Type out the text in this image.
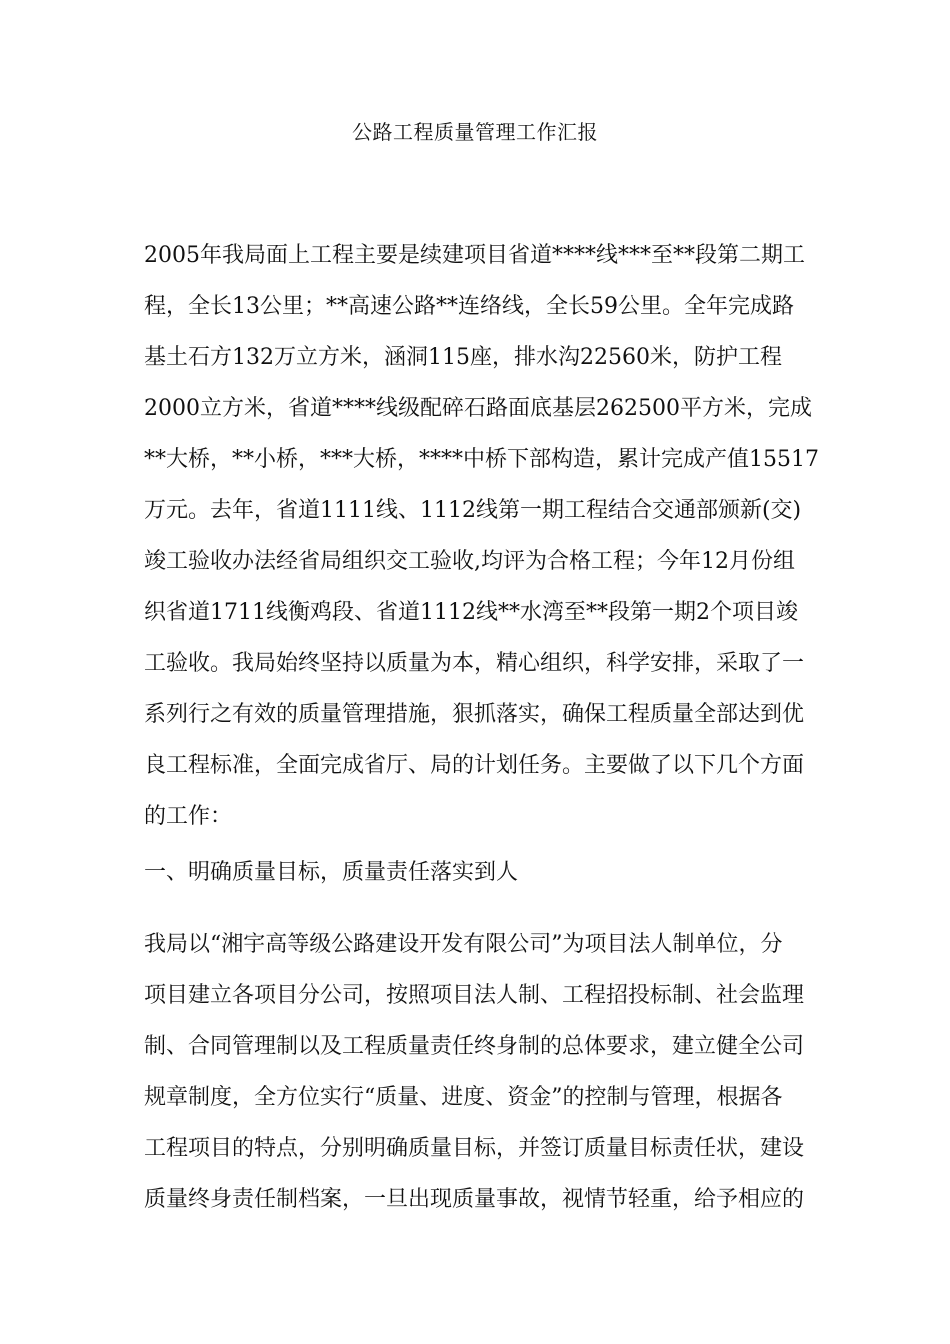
公路工程质量管理工作汇报
2005年我局面上工程主要是续建项目省道****线***至**段第二期工
程，全长13公里；**高速公路**连络线，全长59公里。全年完成路
基土石方132万立方米，涵洞115座，排水沟22560米，防护工程
2000立方米，省道****线级配碎石路面底基层262500平方米，完成
**大桥，**小桥，***大桥，****中桥下部构造，累计完成产值15517
万元。去年，省道1111线、1112线第一期工程结合交通部颁新(交)
竣工验收办法经省局组织交工验收,均评为合格工程；今年12月份组
织省道1711线衡鸡段、省道1112线**水湾至**段第一期2个项目竣
工验收。我局始终坚持以质量为本，精心组织，科学安排，采取了一
系列行之有效的质量管理措施，狠抓落实，确保工程质量全部达到优
良工程标准，全面完成省厅、局的计划任务。主要做了以下几个方面
的工作：
一、明确质量目标，质量责任落实到人
我局以“湘宇高等级公路建设开发有限公司”为项目法人制单位，分
项目建立各项目分公司，按照项目法人制、工程招投标制、社会监理
制、合同管理制以及工程质量责任终身制的总体要求，建立健全公司
规章制度，全方位实行“质量、进度、资金”的控制与管理，根据各
工程项目的特点，分别明确质量目标，并签订质量目标责任状，建设
质量终身责任制档案，一旦出现质量事故，视情节轻重，给予相应的
